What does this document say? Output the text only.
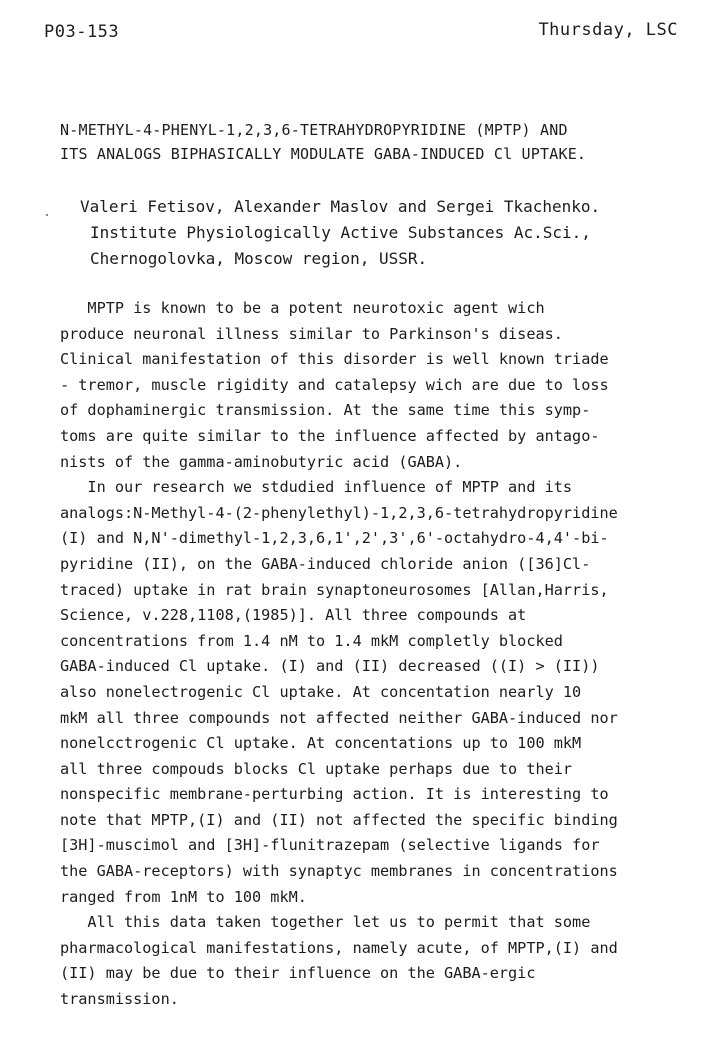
P03-153	Thursday, LSC
N-METHYL-4-PHENYL-1,2,3,6-TETRAHYDROPYRIDINE (MPTP) AND
ITS ANALOGS BIPHASICALLY MODULATE GABA-INDUCED Cl UPTAKE.
Valeri Fetisov, Alexander Maslov and Sergei Tkachenko.
Institute Physiologically Active Substances Ac.Sci.,
Chernogolovka, Moscow region, USSR.

MPTP is known to be a potent neurotoxic agent wich
produce neuronal illness similar to Parkinson's diseas.
Clinical manifestation of this disorder is well known triade
- tremor, muscle rigidity and catalepsy wich are due to loss
of dophaminergic transmission. At the same time this symp-
toms are quite similar to the influence affected by antago-
nists of the gamma-aminobutyric acid (GABA).

In our research we stdudied influence of MPTP and its
analogs:N-Methyl-4-(2-phenylethyl)-1,2,3,6-tetrahydropyridine
(I) and N,N'-dimethyl-1,2,3,6,1',2',3',6'-octahydro-4,4'-bi-
pyridine (II), on the GABA-induced chloride anion ([36]Cl-
traced) uptake in rat brain synaptoneurosomes [Allan,Harris,
Science, v.228,1108,(1985)]. All three compounds at
concentrations from 1.4 nM to 1.4 mkM completly blocked
GABA-induced Cl uptake. (I) and (II) decreased ((I) > (II))
also nonelectrogenic Cl uptake. At concentation nearly 10
mkM all three compounds not affected neither GABA-induced nor
nonelcctrogenic Cl uptake. At concentations up to 100 mkM
all three compouds blocks Cl uptake perhaps due to their
nonspecific membrane-perturbing action. It is interesting to
note that MPTP,(I) and (II) not affected the specific binding
[3H]-muscimol and [3H]-flunitrazepam (selective ligands for
the GABA-receptors) with synaptyc membranes in concentrations
ranged from 1nM to 100 mkM.

All this data taken together let us to permit that some
pharmacological manifestations, namely acute, of MPTP,(I) and
(II) may be due to their influence on the GABA-ergic
transmission.
